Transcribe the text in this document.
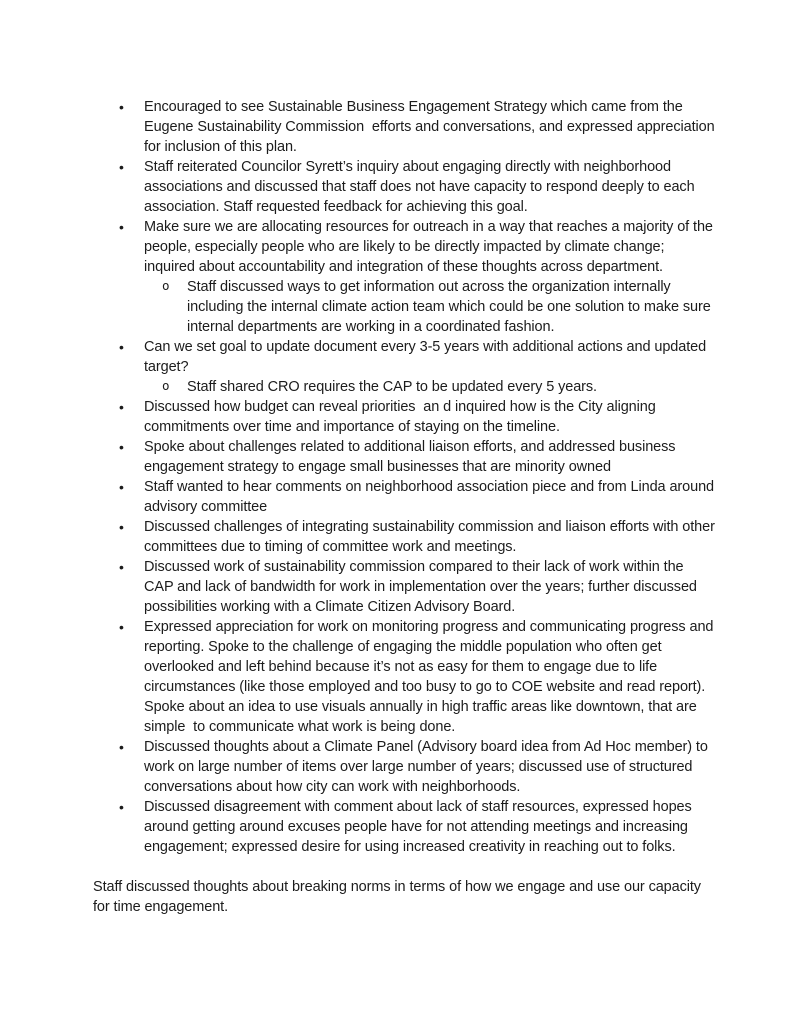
• Encouraged to see Sustainable Business Engagement Strategy which came from the Eugene Sustainability Commission  efforts and conversations, and expressed appreciation for inclusion of this plan.
• Staff reiterated Councilor Syrett’s inquiry about engaging directly with neighborhood associations and discussed that staff does not have capacity to respond deeply to each association. Staff requested feedback for achieving this goal.
• Make sure we are allocating resources for outreach in a way that reaches a majority of the people, especially people who are likely to be directly impacted by climate change; inquired about accountability and integration of these thoughts across department.
o Staff discussed ways to get information out across the organization internally including the internal climate action team which could be one solution to make sure internal departments are working in a coordinated fashion.
• Can we set goal to update document every 3-5 years with additional actions and updated target?
o Staff shared CRO requires the CAP to be updated every 5 years.
• Discussed how budget can reveal priorities  an d inquired how is the City aligning commitments over time and importance of staying on the timeline.
• Spoke about challenges related to additional liaison efforts, and addressed business engagement strategy to engage small businesses that are minority owned
• Staff wanted to hear comments on neighborhood association piece and from Linda around advisory committee
• Discussed challenges of integrating sustainability commission and liaison efforts with other committees due to timing of committee work and meetings.
• Discussed work of sustainability commission compared to their lack of work within the CAP and lack of bandwidth for work in implementation over the years; further discussed possibilities working with a Climate Citizen Advisory Board.
• Expressed appreciation for work on monitoring progress and communicating progress and reporting. Spoke to the challenge of engaging the middle population who often get overlooked and left behind because it’s not as easy for them to engage due to life circumstances (like those employed and too busy to go to COE website and read report). Spoke about an idea to use visuals annually in high traffic areas like downtown, that are simple  to communicate what work is being done.
• Discussed thoughts about a Climate Panel (Advisory board idea from Ad Hoc member) to work on large number of items over large number of years; discussed use of structured conversations about how city can work with neighborhoods.
• Discussed disagreement with comment about lack of staff resources, expressed hopes around getting around excuses people have for not attending meetings and increasing engagement; expressed desire for using increased creativity in reaching out to folks.

Staff discussed thoughts about breaking norms in terms of how we engage and use our capacity for time engagement.
